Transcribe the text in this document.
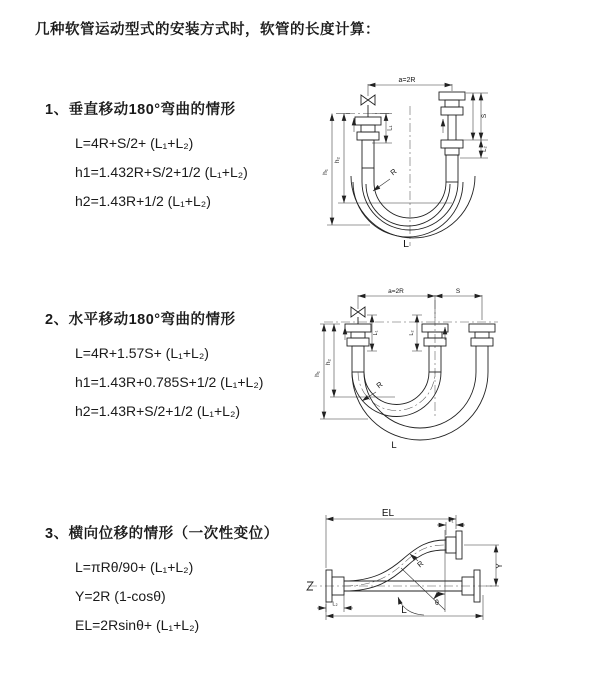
几种软管运动型式的安装方式时，软管的长度计算：
1、垂直移动180°弯曲的情形
L=4R+S/2+ (L₁+L₂)
h1=1.432R+S/2+1/2 (L₁+L₂)
h2=1.43R+1/2 (L₁+L₂)
2、水平移动180°弯曲的情形
L=4R+1.57S+ (L₁+L₂)
h1=1.43R+0.785S+1/2 (L₁+L₂)
h2=1.43R+S/2+1/2 (L₁+L₂)
3、横向位移的情形（一次性变位）
L=πRθ/90+ (L₁+L₂)
Y=2R (1-cosθ)
EL=2Rsinθ+ (L₁+L₂)
a=2R
L₁
S
L₂
h₁
h₂
R
L
a=2R	S
L₁	L₂
h₁
h₂
R
L
EL
L₁
Y
R
θ
L
L₂
